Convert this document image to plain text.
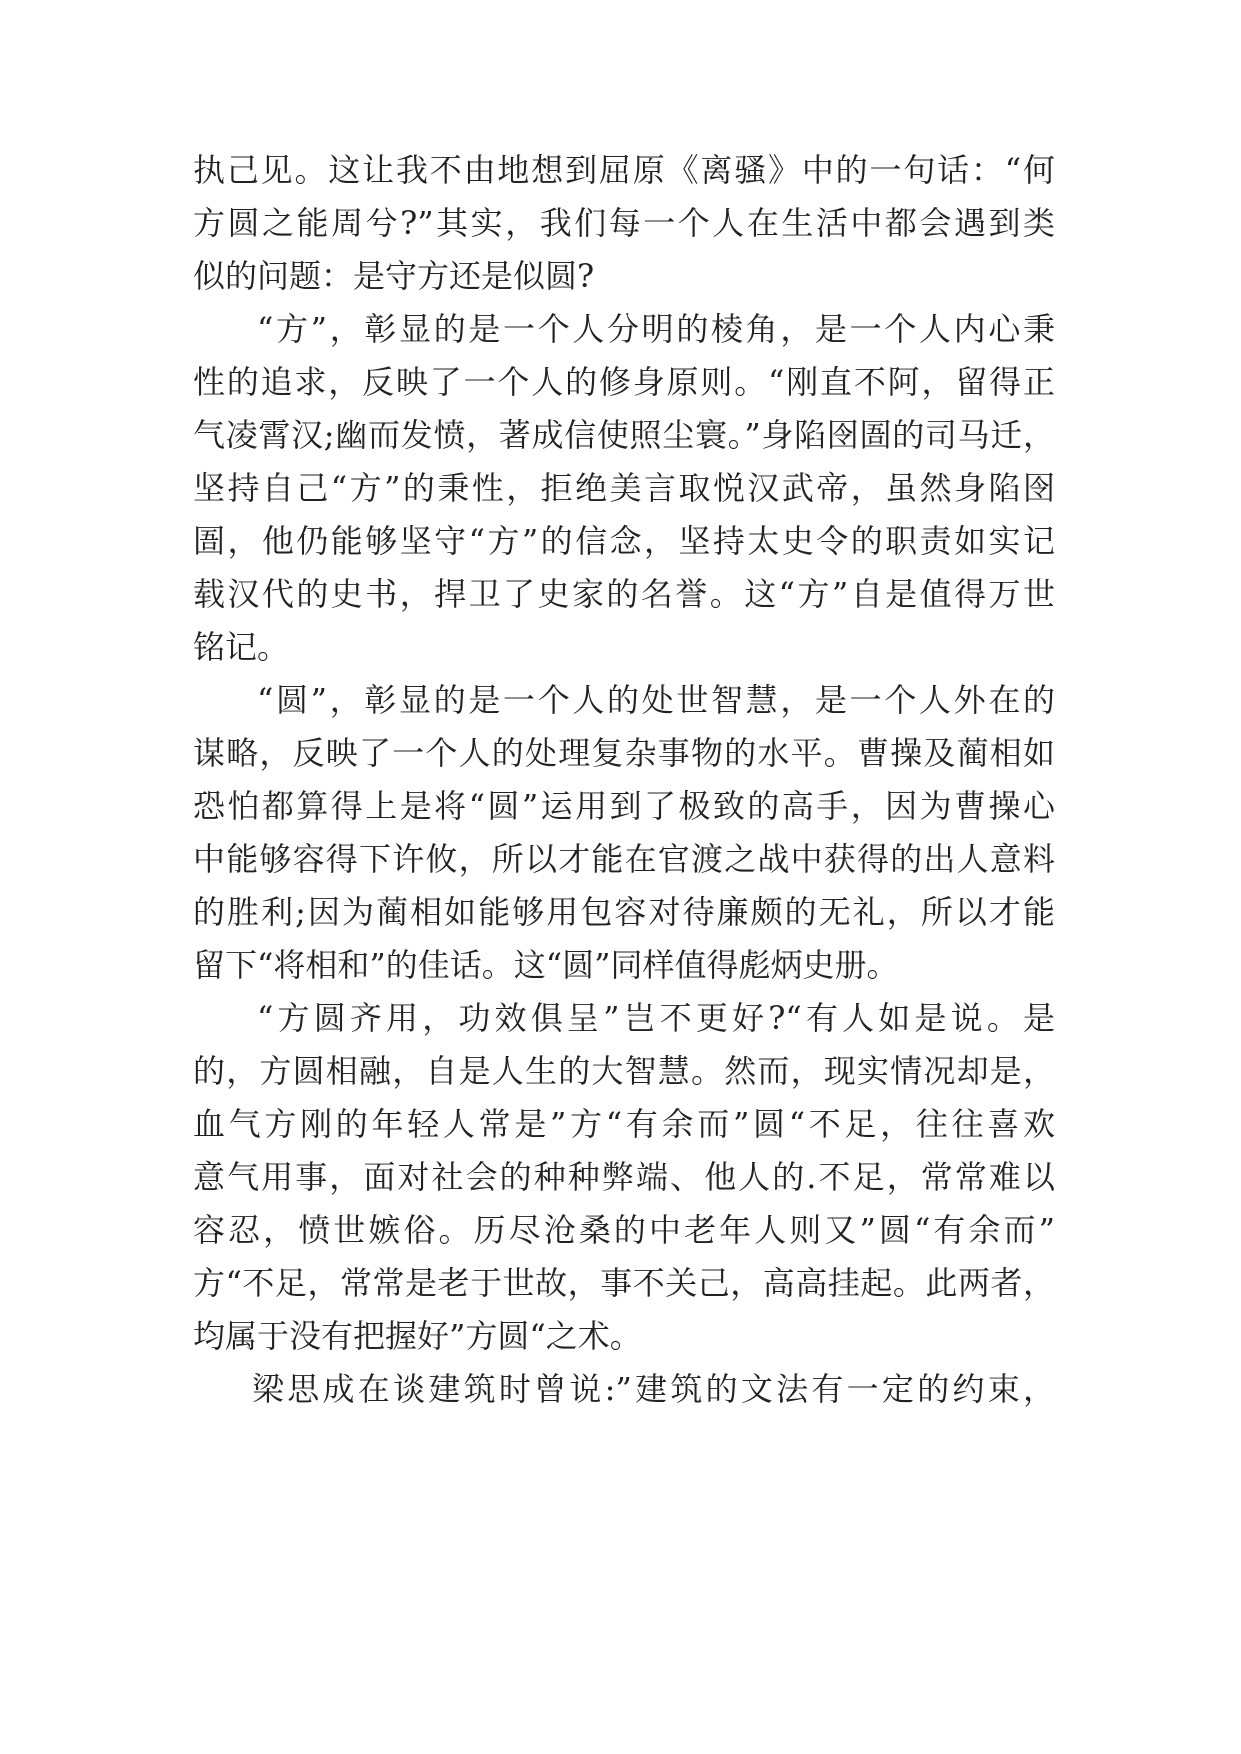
执己见。这让我不由地想到屈原《离骚》中的一句话：“何
方圆之能周兮?”其实，我们每一个人在生活中都会遇到类
似的问题：是守方还是似圆?
“方”，彰显的是一个人分明的棱角，是一个人内心秉
性的追求，反映了一个人的修身原则。“刚直不阿，留得正
气凌霄汉;幽而发愤，著成信使照尘寰。”身陷囹圄的司马迁，
坚持自己“方”的秉性，拒绝美言取悦汉武帝，虽然身陷囹
圄，他仍能够坚守“方”的信念，坚持太史令的职责如实记
载汉代的史书，捍卫了史家的名誉。这“方”自是值得万世
铭记。
“圆”，彰显的是一个人的处世智慧，是一个人外在的
谋略，反映了一个人的处理复杂事物的水平。曹操及蔺相如
恐怕都算得上是将“圆”运用到了极致的高手，因为曹操心
中能够容得下许攸，所以才能在官渡之战中获得的出人意料
的胜利;因为蔺相如能够用包容对待廉颇的无礼，所以才能
留下“将相和”的佳话。这“圆”同样值得彪炳史册。
“方圆齐用，功效俱呈”岂不更好?“有人如是说。是
的，方圆相融，自是人生的大智慧。然而，现实情况却是，
血气方刚的年轻人常是”方“有余而”圆“不足，往往喜欢
意气用事，面对社会的种种弊端、他人的.不足，常常难以
容忍，愤世嫉俗。历尽沧桑的中老年人则又”圆“有余而”
方“不足，常常是老于世故，事不关己，高高挂起。此两者，
均属于没有把握好”方圆“之术。
梁思成在谈建筑时曾说:”建筑的文法有一定的约束，
